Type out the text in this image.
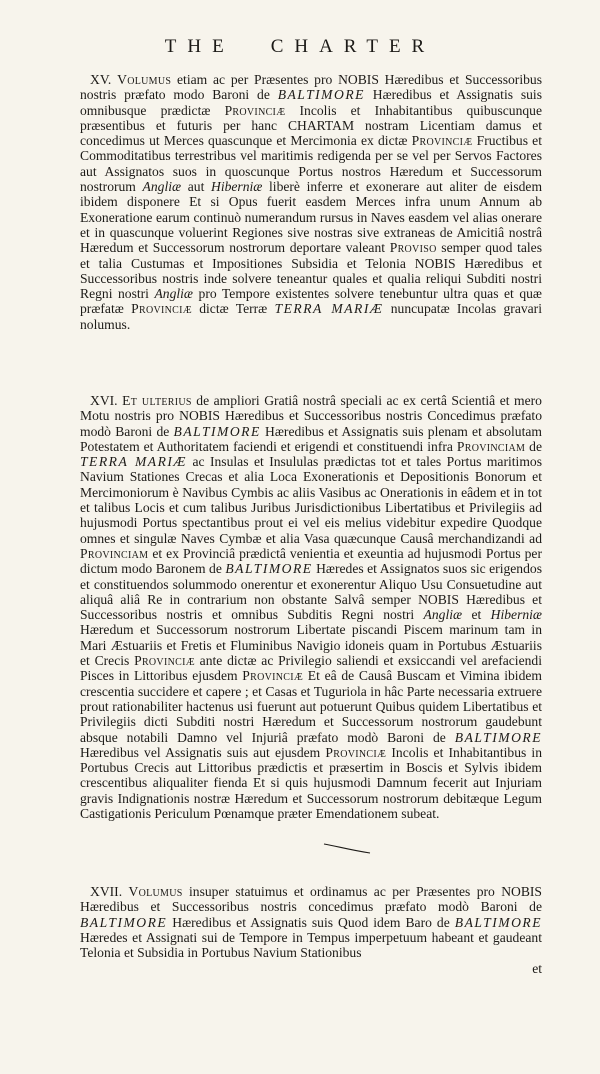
THE CHARTER

XV. Volumus etiam ac per Præsentes pro NOBIS Hæredibus et Successoribus nostris præfato modo Baroni de BALTIMORE Hæredibus et Assignatis suis omnibusque prædictæ Provinciæ Incolis et Inhabitantibus quibuscunque præsentibus et futuris per hanc CHARTAM nostram Licentiam damus et concedimus ut Merces quascunque et Mercimonia ex dictæ Provinciæ Fructibus et Commoditatibus terrestribus vel maritimis redigenda per se vel per Servos Factores aut Assignatos suos in quoscunque Portus nostros Hæredum et Successorum nostrorum Angliæ aut Hiberniæ liberè inferre et exonerare aut aliter de eisdem ibidem disponere Et si Opus fuerit easdem Merces infra unum Annum ab Exoneratione earum continuò numerandum rursus in Naves easdem vel alias onerare et in quascunque voluerint Regiones sive nostras sive extraneas de Amicitiâ nostrâ Hæredum et Successorum nostrorum deportare valeant Proviso semper quod tales et talia Custumas et Impositiones Subsidia et Telonia NOBIS Hæredibus et Successoribus nostris inde solvere teneantur quales et qualia reliqui Subditi nostri Regni nostri Angliæ pro Tempore existentes solvere tenebuntur ultra quas et quæ præfatæ Provinciæ dictæ Terræ TERRA MARIÆ nuncupatæ Incolas gravari nolumus.

XVI. Et ulterius de ampliori Gratiâ nostrâ speciali ac ex certâ Scientiâ et mero Motu nostris pro NOBIS Hæredibus et Successoribus nostris Concedimus præfato modò Baroni de BALTIMORE Hæredibus et Assignatis suis plenam et absolutam Potestatem et Authoritatem faciendi et erigendi et constituendi infra Provinciam de TERRA MARIÆ ac Insulas et Insululas prædictas tot et tales Portus maritimos Navium Stationes Crecas et alia Loca Exonerationis et Depositionis Bonorum et Mercimoniorum è Navibus Cymbis ac aliis Vasibus ac Onerationis in eâdem et in tot et talibus Locis et cum talibus Juribus Jurisdictionibus Libertatibus et Privilegiis ad hujusmodi Portus spectantibus prout ei vel eis melius videbitur expedire Quodque omnes et singulæ Naves Cymbæ et alia Vasa quæcunque Causâ merchandizandi ad Provinciam et ex Provinciâ prædictâ venientia et exeuntia ad hujusmodi Portus per dictum modo Baronem de BALTIMORE Hæredes et Assignatos suos sic erigendos et constituendos solummodo onerentur et exonerentur Aliquo Usu Consuetudine aut aliquâ aliâ Re in contrarium non obstante Salvâ semper NOBIS Hæredibus et Successoribus nostris et omnibus Subditis Regni nostri Angliæ et Hiberniæ Hæredum et Successorum nostrorum Libertate piscandi Piscem marinum tam in Mari Æstuariis et Fretis et Fluminibus Navigio idoneis quam in Portubus Æstuariis et Crecis Provinciæ ante dictæ ac Privilegio saliendi et exsiccandi vel arefaciendi Pisces in Littoribus ejusdem Provinciæ Et eâ de Causâ Buscam et Vimina ibidem crescentia succidere et capere ; et Casas et Tuguriola in hâc Parte necessaria extruere prout rationabiliter hactenus usi fuerunt aut potuerunt Quibus quidem Libertatibus et Privilegiis dicti Subditi nostri Hæredum et Successorum nostrorum gaudebunt absque notabili Damno vel Injuriâ præfato modò Baroni de BALTIMORE Hæredibus vel Assignatis suis aut ejusdem Provinciæ Incolis et Inhabitantibus in Portubus Crecis aut Littoribus prædictis et præsertim in Boscis et Sylvis ibidem crescentibus aliqualiter fienda Et si quis hujusmodi Damnum fecerit aut Injuriam gravis Indignationis nostræ Hæredum et Successorum nostrorum debitæque Legum Castigationis Periculum Pœnamque præter Emendationem subeat.

XVII. Volumus insuper statuimus et ordinamus ac per Præsentes pro NOBIS Hæredibus et Successoribus nostris concedimus præfato modò Baroni de BALTIMORE Hæredibus et Assignatis suis Quod idem Baro de BALTIMORE Hæredes et Assignati sui de Tempore in Tempus imperpetuum habeant et gaudeant Telonia et Subsidia in Portubus Navium Stationibus

et
